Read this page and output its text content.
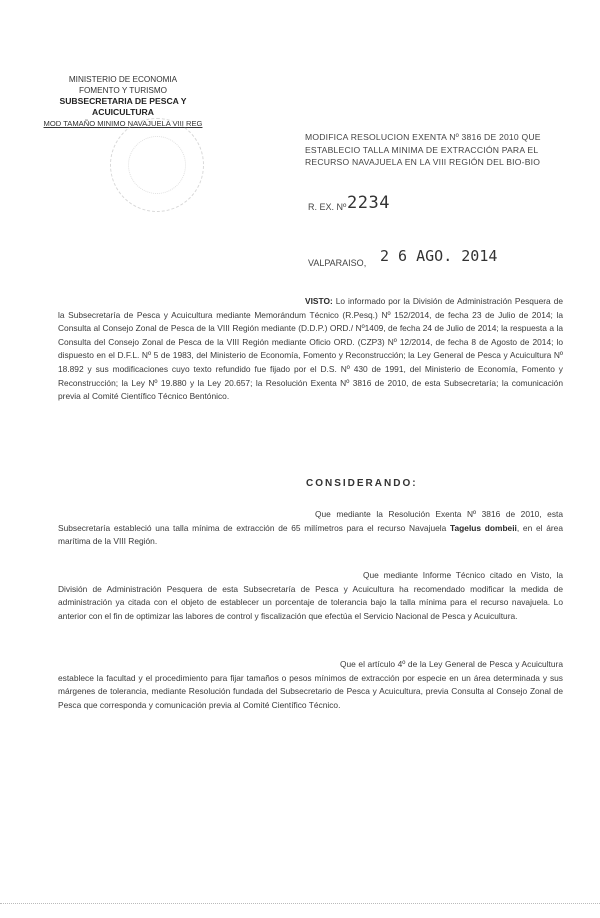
MINISTERIO DE ECONOMIA
FOMENTO Y TURISMO
SUBSECRETARIA DE PESCA Y ACUICULTURA
MOD TAMAÑO MINIMO NAVAJUELA VIII REG
MODIFICA RESOLUCION EXENTA Nº 3816 DE 2010 QUE ESTABLECIO TALLA MINIMA DE EXTRACCIÓN PARA EL RECURSO NAVAJUELA EN LA VIII REGIÓN DEL BIO-BIO
R. EX. Nº 2234
VALPARAISO, 2 6 AGO. 2014
VISTO: Lo informado por la División de Administración Pesquera de la Subsecretaría de Pesca y Acuicultura mediante Memorándum Técnico (R.Pesq.) Nº 152/2014, de fecha 23 de Julio de 2014; la Consulta al Consejo Zonal de Pesca de la VIII Región mediante (D.D.P.) ORD./ Nº1409, de fecha 24 de Julio de 2014; la respuesta a la Consulta del Consejo Zonal de Pesca de la VIII Región mediante Oficio ORD. (CZP3) Nº 12/2014, de fecha 8 de Agosto de 2014; lo dispuesto en el D.F.L. Nº 5 de 1983, del Ministerio de Economía, Fomento y Reconstrucción; la Ley General de Pesca y Acuicultura Nº 18.892 y sus modificaciones cuyo texto refundido fue fijado por el D.S. Nº 430 de 1991, del Ministerio de Economía, Fomento y Reconstrucción; la Ley Nº 19.880 y la Ley 20.657; la Resolución Exenta Nº 3816 de 2010, de esta Subsecretaría; la comunicación previa al Comité Científico Técnico Bentónico.
CONSIDERANDO:
Que mediante la Resolución Exenta Nº 3816 de 2010, esta Subsecretaría estableció una talla mínima de extracción de 65 milímetros para el recurso Navajuela Tagelus dombeii, en el área marítima de la VIII Región.
Que mediante Informe Técnico citado en Visto, la División de Administración Pesquera de esta Subsecretaría de Pesca y Acuicultura ha recomendado modificar la medida de administración ya citada con el objeto de establecer un porcentaje de tolerancia bajo la talla mínima para el recurso navajuela. Lo anterior con el fin de optimizar las labores de control y fiscalización que efectúa el Servicio Nacional de Pesca y Acuicultura.
Que el artículo 4º de la Ley General de Pesca y Acuicultura establece la facultad y el procedimiento para fijar tamaños o pesos mínimos de extracción por especie en un área determinada y sus márgenes de tolerancia, mediante Resolución fundada del Subsecretario de Pesca y Acuicultura, previa Consulta al Consejo Zonal de Pesca que corresponda y comunicación previa al Comité Científico Técnico.
